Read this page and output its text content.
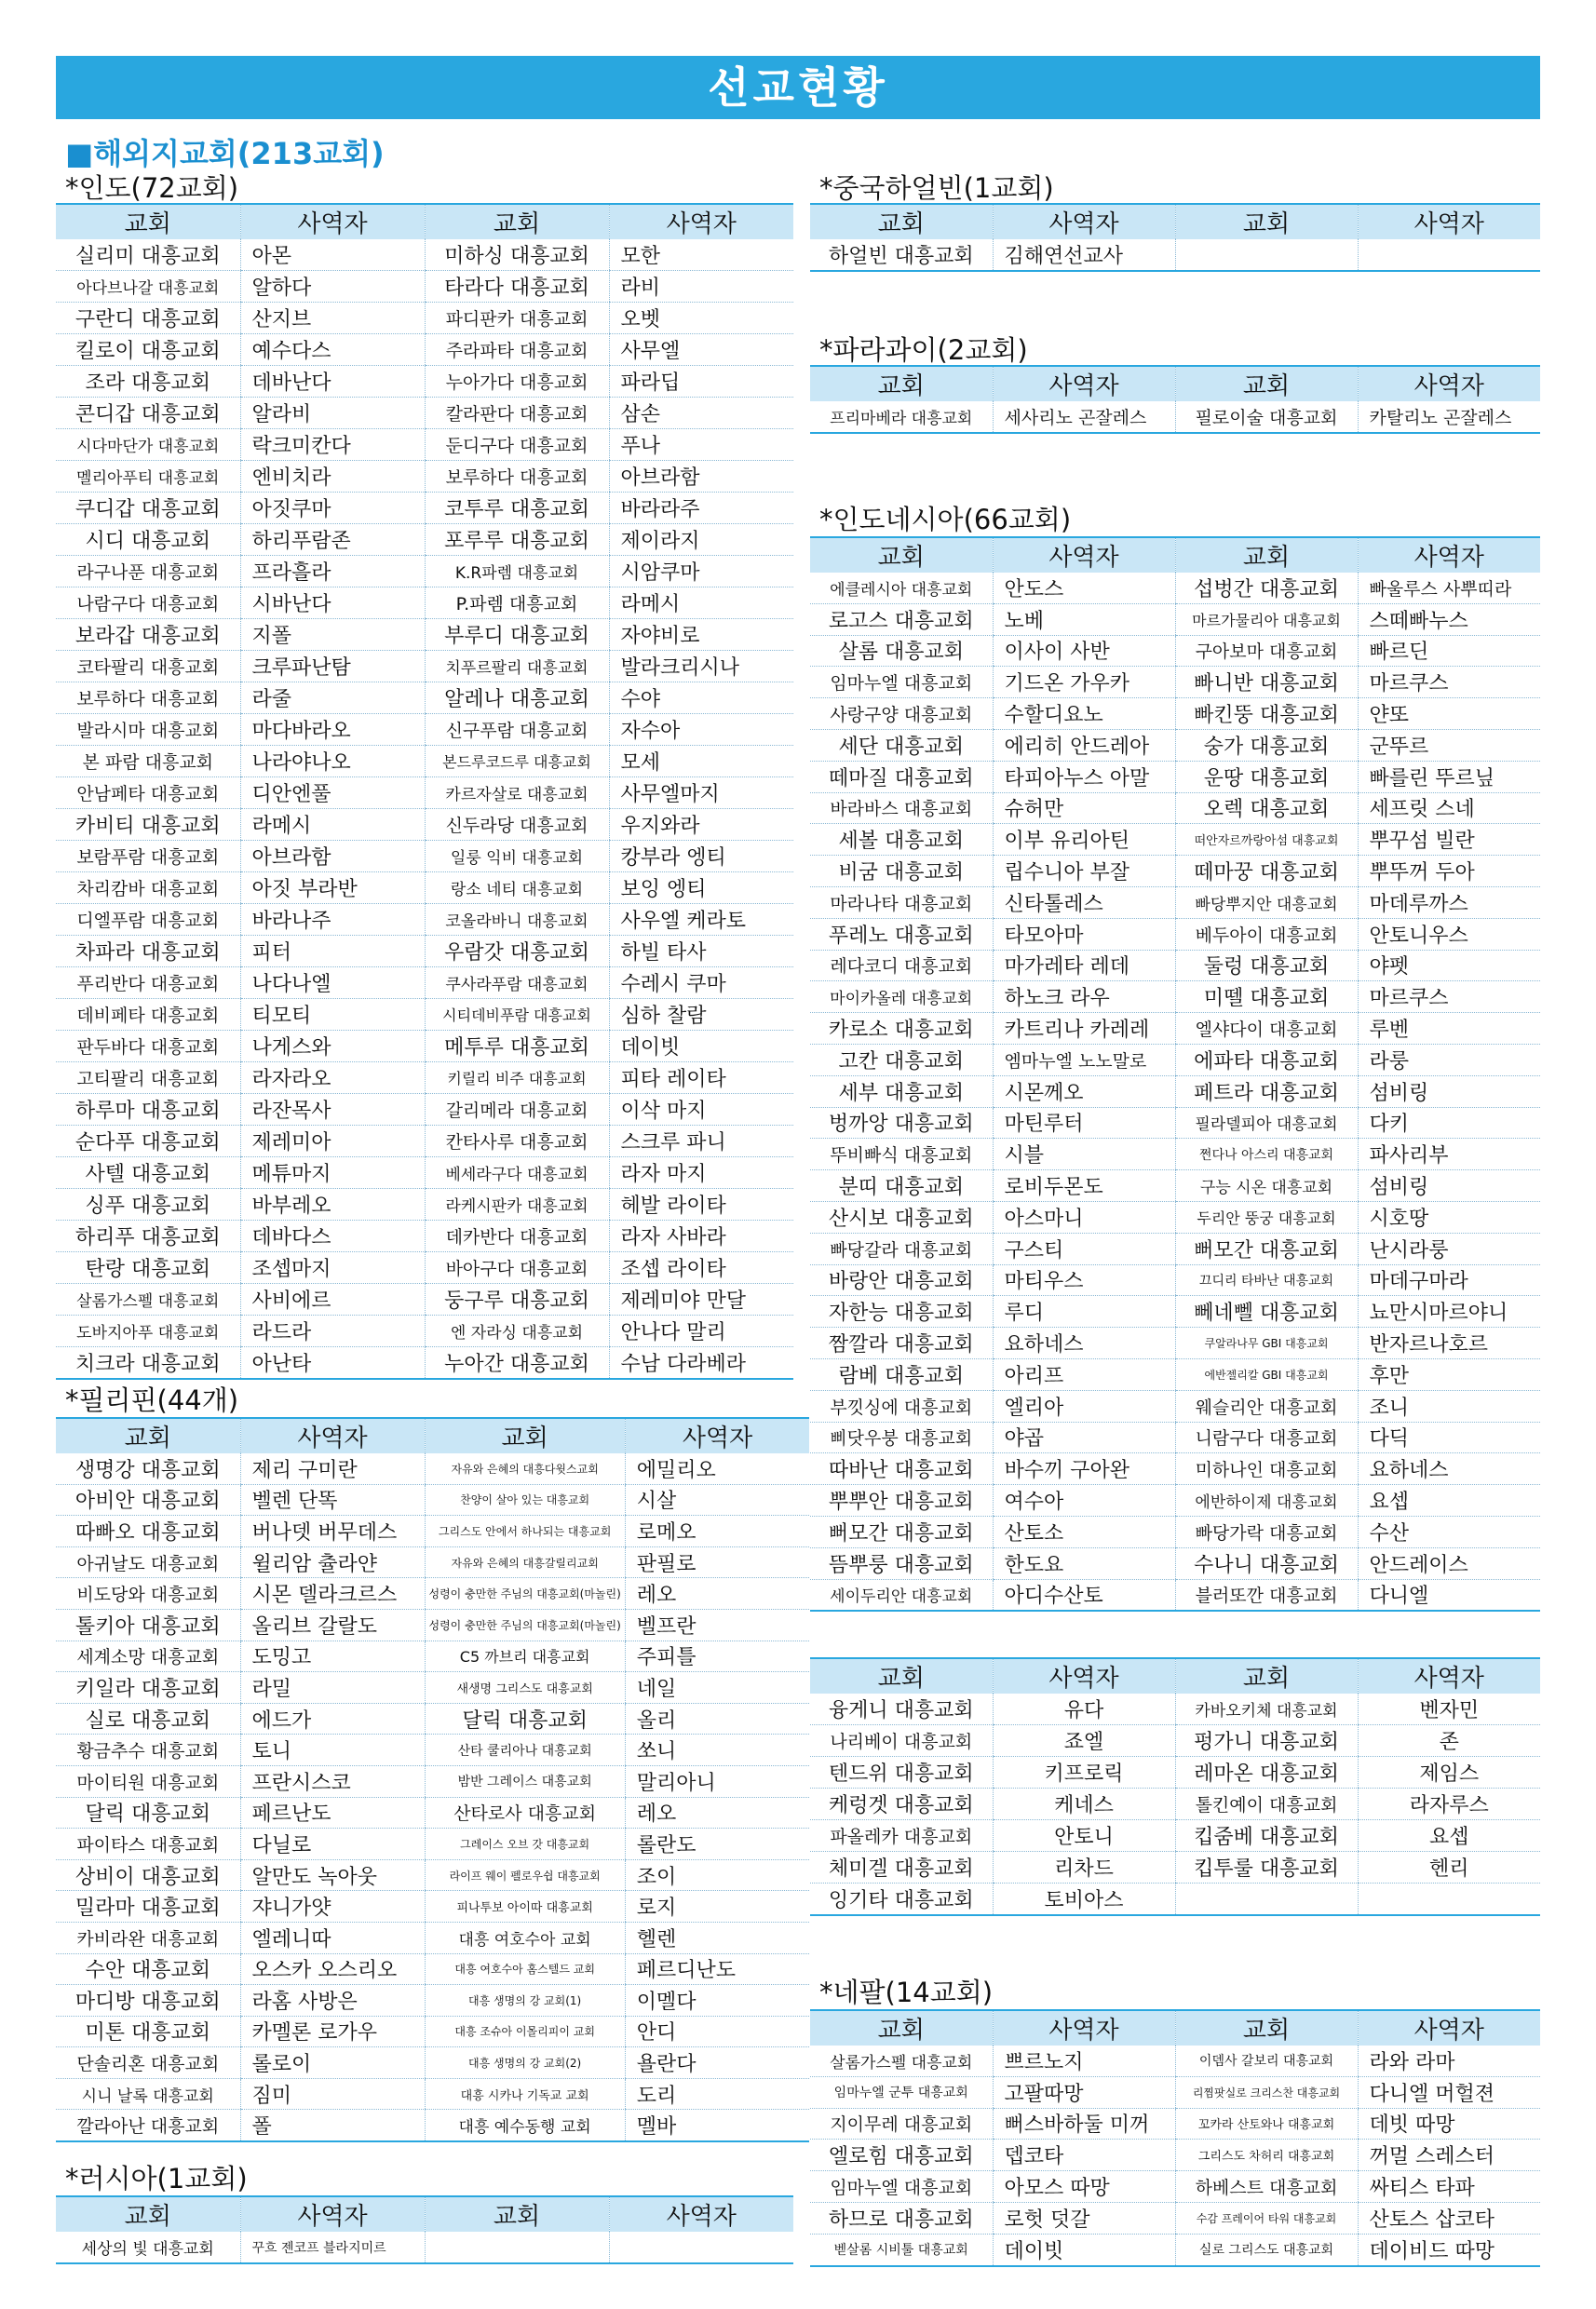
선교현황
■해외지교회(213교회)
*인도(72교회)
교회	사역자	교회	사역자
실리미 대흥교회	아몬	미하싱 대흥교회	모한
아다브나갈 대흥교회	알하다	타라다 대흥교회	라비
구란디 대흥교회	산지브	파디판카 대흥교회	오벳
킬로이 대흥교회	예수다스	주라파타 대흥교회	사무엘
조라 대흥교회	데바난다	누아가다 대흥교회	파라딥
콘디갑 대흥교회	알라비	칼라판다 대흥교회	삼손
시다마단가 대흥교회	락크미칸다	둔디구다 대흥교회	푸나
멜리아푸티 대흥교회	엔비치라	보루하다 대흥교회	아브라함
쿠디갑 대흥교회	아짓쿠마	코투루 대흥교회	바라라주
시디 대흥교회	하리푸람존	포루루 대흥교회	제이라지
라구나푼 대흥교회	프라흘라	K.R파렘 대흥교회	시암쿠마
나람구다 대흥교회	시바난다	P.파렘 대흥교회	라메시
보라갑 대흥교회	지폴	부루디 대흥교회	자야비로
코타팔리 대흥교회	크루파난탐	치푸르팔리 대흥교회	발라크리시나
보루하다 대흥교회	라줄	알레나 대흥교회	수야
발라시마 대흥교회	마다바라오	신구푸람 대흥교회	자수아
본 파람 대흥교회	나라야나오	본드루코드루 대흥교회	모세
안남페타 대흥교회	디안엔풀	카르자살로 대흥교회	사무엘마지
카비티 대흥교회	라메시	신두라당 대흥교회	우지와라
보람푸람 대흥교회	아브라함	일룽 익비 대흥교회	캉부라 엥티
차리캄바 대흥교회	아짓 부라반	랑소 네티 대흥교회	보잉 엥티
디엘푸람 대흥교회	바라나주	코올라바니 대흥교회	사우엘 케라토
차파라 대흥교회	피터	우람갓 대흥교회	하빌 타사
푸리반다 대흥교회	나다나엘	쿠사라푸람 대흥교회	수레시 쿠마
데비페타 대흥교회	티모티	시티데비푸람 대흥교회	심하 찰람
판두바다 대흥교회	나게스와	메투루 대흥교회	데이빗
고티팔리 대흥교회	라자라오	키릴리 비주 대흥교회	피타 레이타
하루마 대흥교회	라잔목사	갈리메라 대흥교회	이삭 마지
순다푸 대흥교회	제레미아	칸타사루 대흥교회	스크루 파니
사텔 대흥교회	메튜마지	베세라구다 대흥교회	라자 마지
싱푸 대흥교회	바부레오	라케시판카 대흥교회	헤발 라이타
하리푸 대흥교회	데바다스	데카반다 대흥교회	라자 사바라
탄랑 대흥교회	조셉마지	바아구다 대흥교회	조셉 라이타
살롬가스펠 대흥교회	사비에르	둥구루 대흥교회	제레미야 만달
도바지아푸 대흥교회	라드라	엔 자라싱 대흥교회	안나다 말리
치크라 대흥교회	아난타	누아간 대흥교회	수남 다라베라
*필리핀(44개)
교회	사역자	교회	사역자
생명강 대흥교회	제리 구미란	자유와 은혜의 대흥다윗스교회	에밀리오
아비안 대흥교회	벨렌 단똑	찬양이 살아 있는 대흥교회	시살
따빠오 대흥교회	버나뎃 버무데스	그리스도 안에서 하나되는 대흥교회	로메오
아귀날도 대흥교회	윌리암 츌라얀	자유와 은혜의 대흥갈릴리교회	판필로
비도당와 대흥교회	시몬 델라크르스	성령이 충만한 주님의 대흥교회(마놀린)	레오
톨키아 대흥교회	올리브 갈랄도	성령이 충만한 주님의 대흥교회(마놀린)	벨프란
세계소망 대흥교회	도밍고	C5 까브리 대흥교회	주피틀
키일라 대흥교회	라밀	새생명 그리스도 대흥교회	네일
실로 대흥교회	에드가	달릭 대흥교회	올리
황금추수 대흥교회	토니	산타 쿨리아나 대흥교회	쏘니
마이티원 대흥교회	프란시스코	밤반 그레이스 대흥교회	말리아니
달릭 대흥교회	페르난도	산타로사 대흥교회	레오
파이타스 대흥교회	다닐로	그레이스 오브 갓 대흥교회	롤란도
상비이 대흥교회	알만도 녹아웃	라이프 웨이 펠로우쉽 대흥교회	조이
밀라마 대흥교회	쟈니가얏	피나투보 아이따 대흥교회	로지
카비라완 대흥교회	엘레니따	대흥 여호수아 교회	헬렌
수안 대흥교회	오스카 오스리오	대흥 여호수아 홈스텔드 교회	페르디난도
마디방 대흥교회	라홈 사방은	대흥 생명의 강 교회(1)	이멜다
미톤 대흥교회	카멜론 로가우	대흥 조슈아 이몰리피이 교회	안디
단솔리혼 대흥교회	롤로이	대흥 생명의 강 교회(2)	욜란다
시니 날록 대흥교회	짐미	대흥 시카나 기독교 교회	도리
깔라아난 대흥교회	폴	대흥 예수동행 교회	멜바
*러시아(1교회)
교회	사역자	교회	사역자
세상의 빛 대흥교회	꾸흐 젠코프 블라지미르		
*중국하얼빈(1교회)
교회	사역자	교회	사역자
하얼빈 대흥교회	김해연선교사		
*파라과이(2교회)
교회	사역자	교회	사역자
프리마베라 대흥교회	세사리노 곤잘레스	필로이술 대흥교회	카탈리노 곤잘레스
*인도네시아(66교회)
교회	사역자	교회	사역자
에클레시아 대흥교회	안도스	섭벙간 대흥교회	빠울루스 사뿌띠라
로고스 대흥교회	노베	마르가물리아 대흥교회	스떼빠누스
살롬 대흥교회	이사이 사반	구아보마 대흥교회	빠르딘
임마누엘 대흥교회	기드온 가우카	빠니반 대흥교회	마르쿠스
사랑구양 대흥교회	수할디요노	빠킨뚱 대흥교회	얀또
세단 대흥교회	에리히 안드레아	숭가 대흥교회	군뚜르
떼마질 대흥교회	타피아누스 아말	운땅 대흥교회	빠를린 뚜르닢
바라바스 대흥교회	슈허만	오렉 대흥교회	세프릿 스네
세볼 대흥교회	이부 유리아틴	떠안자르까랑아섬 대흥교회	뿌꾸섬 빌란
비굼 대흥교회	립수니아 부잘	떼마꿍 대흥교회	뿌뚜꺼 두아
마라나타 대흥교회	신타톨레스	빠당뿌지안 대흥교회	마데루까스
푸레노 대흥교회	타모아마	베두아이 대흥교회	안토니우스
레다코디 대흥교회	마가레타 레데	둘렁 대흥교회	야펫
마이카올레 대흥교회	하노크 라우	미뗄 대흥교회	마르쿠스
카로소 대흥교회	카트리나 카레레	엘샤다이 대흥교회	루벤
고칸 대흥교회	엠마누엘 노노말로	에파타 대흥교회	라룽
세부 대흥교회	시몬께오	페트라 대흥교회	섬비링
벙까앙 대흥교회	마틴루터	필라델피아 대흥교회	다키
뚜비빠식 대흥교회	시블	쩐다나 아스리 대흥교회	파사리부
분띠 대흥교회	로비두몬도	구능 시온 대흥교회	섬비링
산시보 대흥교회	아스마니	두리안 뚱궁 대흥교회	시호땅
빠당갈라 대흥교회	구스티	뻐모간 대흥교회	난시라룽
바랑안 대흥교회	마티우스	끄디리 타바난 대흥교회	마데구마라
자한능 대흥교회	루디	뻬네뻴 대흥교회	뇨만시마르야니
짬깔라 대흥교회	요하네스	쿠알라나무 GBI 대흥교회	반자르나호르
람베 대흥교회	아리프	에반젤리칼 GBI 대흥교회	후만
부낏싱에 대흥교회	엘리아	웨슬리안 대흥교회	조니
삐닷우붕 대흥교회	야곱	니람구다 대흥교회	다딕
따바난 대흥교회	바수끼 구아완	미하나인 대흥교회	요하네스
뿌뿌안 대흥교회	여수아	에반하이제 대흥교회	요셉
뻐모간 대흥교회	산토소	빠당가락 대흥교회	수산
뜸뿌룽 대흥교회	한도요	수나니 대흥교회	안드레이스
세이두리안 대흥교회	아디수산토	블러또깐 대흥교회	다니엘
교회	사역자	교회	사역자
융게니 대흥교회	유다	카바오키체 대흥교회	벤자민
나리베이 대흥교회	죠엘	펑가니 대흥교회	존
텐드위 대흥교회	키프로릭	레마온 대흥교회	제임스
케렁겟 대흥교회	케네스	톨킨예이 대흥교회	라자루스
파올레카 대흥교회	안토니	킵줌베 대흥교회	요셉
체미겔 대흥교회	리차드	킵투룰 대흥교회	헨리
잉기타 대흥교회	토비아스		
*네팔(14교회)
교회	사역자	교회	사역자
살롬가스펠 대흥교회	쁘르노지	이뎀사 갈보리 대흥교회	라와 라마
임마누엘 군투 대흥교회	고팔따망	리찜팟실로 크리스찬 대흥교회	다니엘 머헐젼
지이무레 대흥교회	뻐스바하둘 미꺼	꼬카라 산토와나 대흥교회	데빗 따망
엘로힘 대흥교회	뎁코타	그리스도 차허리 대흥교회	꺼멀 스레스터
임마누엘 대흥교회	아모스 따망	하베스트 대흥교회	싸티스 타파
하므로 대흥교회	로헛 덧갈	수감 프레이어 타워 대흥교회	산토스 삽코타
벧살롬 시비툴 대흥교회	데이빗	실로 그리스도 대흥교회	데이비드 따망
